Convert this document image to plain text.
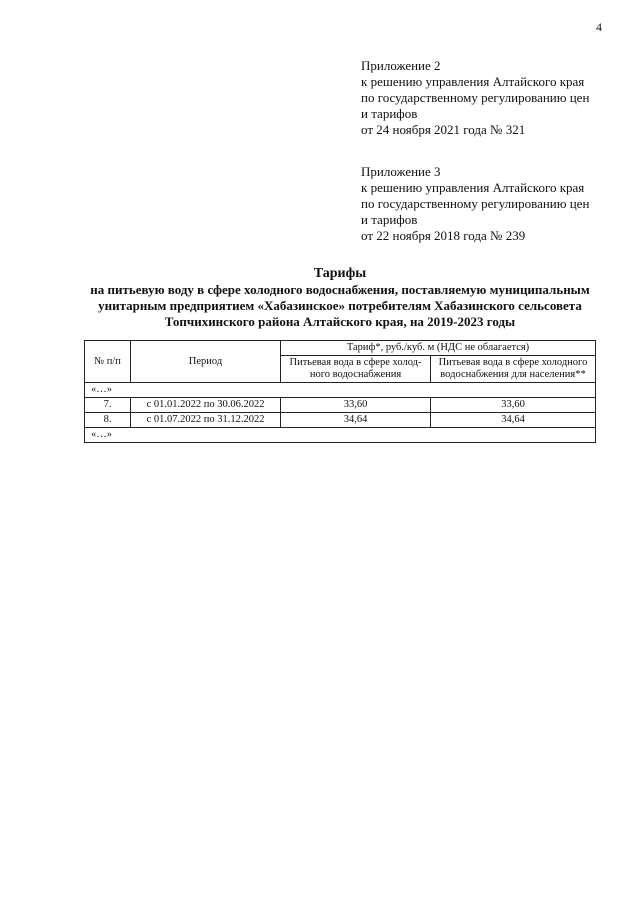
4
Приложение 2
к решению управления Алтайского края
по государственному регулированию цен
и тарифов
от 24 ноября 2021 года № 321
Приложение 3
к решению управления Алтайского края
по государственному регулированию цен
и тарифов
от 22 ноября 2018 года № 239
Тарифы
на питьевую воду в сфере холодного водоснабжения, поставляемую муниципальным
унитарным предприятием «Хабазинское» потребителям Хабазинского сельсовета
Топчихинского района Алтайского края, на 2019-2023 годы
№ п/п	Период	Тариф*, руб./куб. м (НДС не облагается)	
		Питьевая вода в сфере холод-ного водоснабжения	Питьевая вода в сфере холодного водоснабжения для населения**
«…»			
7.	с 01.01.2022 по 30.06.2022	33,60	33,60
8.	с 01.07.2022 по 31.12.2022	34,64	34,64
«…»			
